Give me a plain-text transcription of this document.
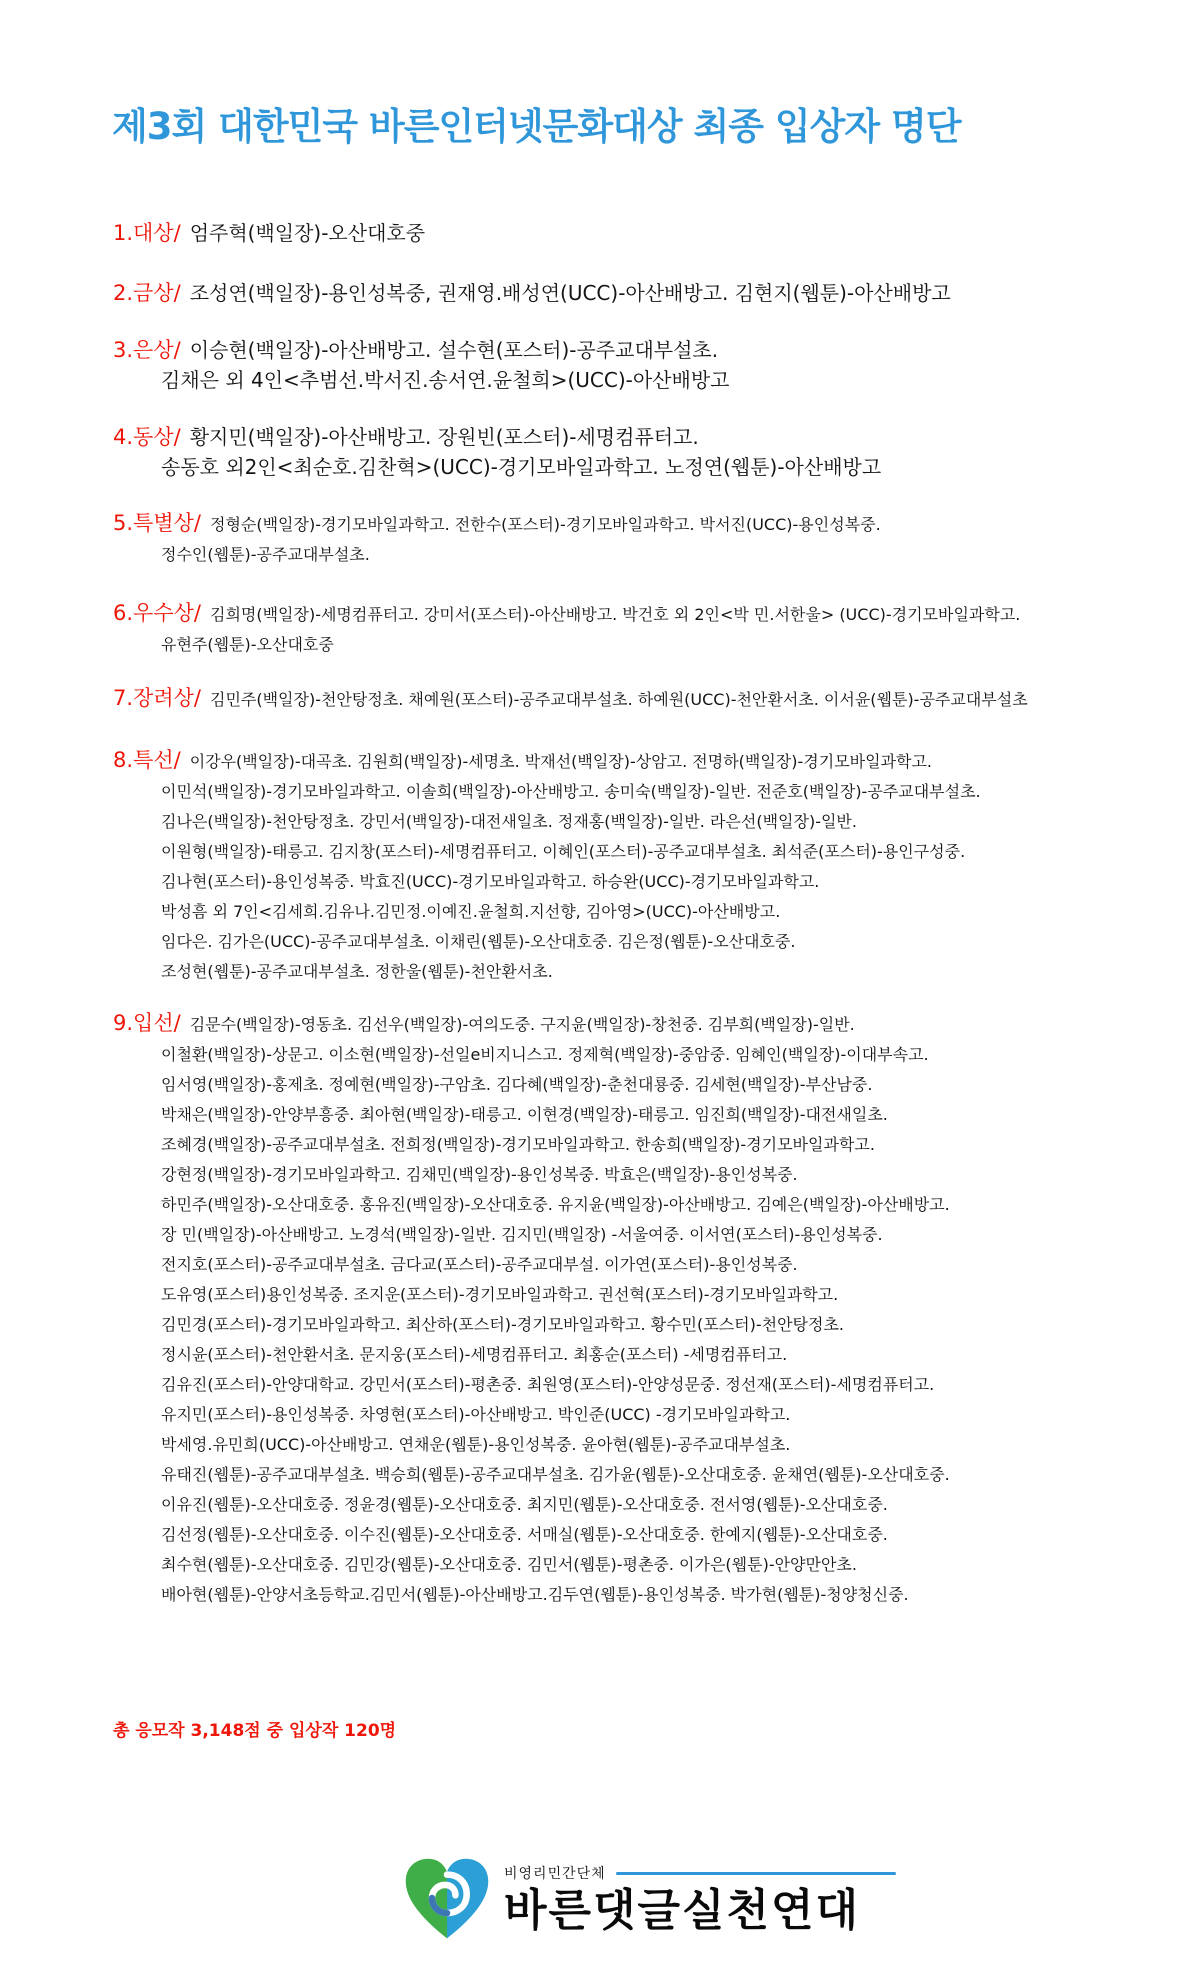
제3회 대한민국 바른인터넷문화대상 최종 입상자 명단
1.대상/ 엄주혁(백일장)-오산대호중
2.금상/ 조성연(백일장)-용인성복중, 권재영.배성연(UCC)-아산배방고. 김현지(웹툰)-아산배방고
3.은상/ 이승현(백일장)-아산배방고. 설수현(포스터)-공주교대부설초.
김채은 외 4인<추범선.박서진.송서연.윤철희>(UCC)-아산배방고
4.동상/ 황지민(백일장)-아산배방고. 장원빈(포스터)-세명컴퓨터고.
송동호 외2인<최순호.김찬혁>(UCC)-경기모바일과학고. 노정연(웹툰)-아산배방고
5.특별상/ 정형순(백일장)-경기모바일과학고. 전한수(포스터)-경기모바일과학고. 박서진(UCC)-용인성복중.
정수인(웹툰)-공주교대부설초.
6.우수상/ 김희명(백일장)-세명컴퓨터고. 강미서(포스터)-아산배방고. 박건호 외 2인<박 민.서한울> (UCC)-경기모바일과학고.
유현주(웹툰)-오산대호중
7.장려상/ 김민주(백일장)-천안탕정초. 채예원(포스터)-공주교대부설초. 하예원(UCC)-천안환서초. 이서윤(웹툰)-공주교대부설초
8.특선/ 이강우(백일장)-대곡초. 김원희(백일장)-세명초. 박재선(백일장)-상암고. 전명하(백일장)-경기모바일과학고.
이민석(백일장)-경기모바일과학고. 이솔희(백일장)-아산배방고. 송미숙(백일장)-일반. 전준호(백일장)-공주교대부설초.
김나은(백일장)-천안탕정초. 강민서(백일장)-대전새일초. 정재홍(백일장)-일반. 라은선(백일장)-일반.
이원형(백일장)-태릉고. 김지창(포스터)-세명컴퓨터고. 이혜인(포스터)-공주교대부설초. 최석준(포스터)-용인구성중.
김나현(포스터)-용인성복중. 박효진(UCC)-경기모바일과학고. 하승완(UCC)-경기모바일과학고.
박성흠 외 7인<김세희.김유나.김민정.이예진.윤철희.지선향, 김아영>(UCC)-아산배방고.
임다은. 김가은(UCC)-공주교대부설초. 이채린(웹툰)-오산대호중. 김은정(웹툰)-오산대호중.
조성현(웹툰)-공주교대부설초. 정한울(웹툰)-천안환서초.
9.입선/ 김문수(백일장)-영동초. 김선우(백일장)-여의도중. 구지윤(백일장)-창천중. 김부희(백일장)-일반.
이철환(백일장)-상문고. 이소현(백일장)-선일e비지니스고. 정제혁(백일장)-중암중. 임혜인(백일장)-이대부속고.
임서영(백일장)-홍제초. 정예현(백일장)-구암초. 김다혜(백일장)-춘천대룡중. 김세현(백일장)-부산남중.
박채은(백일장)-안양부흥중. 최아현(백일장)-태릉고. 이현경(백일장)-태릉고. 임진희(백일장)-대전새일초.
조혜경(백일장)-공주교대부설초. 전희정(백일장)-경기모바일과학고. 한송희(백일장)-경기모바일과학고.
강현정(백일장)-경기모바일과학고. 김채민(백일장)-용인성복중. 박효은(백일장)-용인성복중.
하민주(백일장)-오산대호중. 홍유진(백일장)-오산대호중. 유지윤(백일장)-아산배방고. 김예은(백일장)-아산배방고.
장 민(백일장)-아산배방고. 노경석(백일장)-일반. 김지민(백일장) -서울여중. 이서연(포스터)-용인성복중.
전지호(포스터)-공주교대부설초. 금다교(포스터)-공주교대부설. 이가연(포스터)-용인성복중.
도유영(포스터)용인성복중. 조지운(포스터)-경기모바일과학고. 권선혁(포스터)-경기모바일과학고.
김민경(포스터)-경기모바일과학고. 최산하(포스터)-경기모바일과학고. 황수민(포스터)-천안탕정초.
정시윤(포스터)-천안환서초. 문지웅(포스터)-세명컴퓨터고. 최홍순(포스터) -세명컴퓨터고.
김유진(포스터)-안양대학교. 강민서(포스터)-평촌중. 최원영(포스터)-안양성문중. 정선재(포스터)-세명컴퓨터고.
유지민(포스터)-용인성복중. 차영현(포스터)-아산배방고. 박인준(UCC) -경기모바일과학고.
박세영.유민희(UCC)-아산배방고. 연채운(웹툰)-용인성복중. 윤아현(웹툰)-공주교대부설초.
유태진(웹툰)-공주교대부설초. 백승희(웹툰)-공주교대부설초. 김가윤(웹툰)-오산대호중. 윤채연(웹툰)-오산대호중.
이유진(웹툰)-오산대호중. 정윤경(웹툰)-오산대호중. 최지민(웹툰)-오산대호중. 전서영(웹툰)-오산대호중.
김선정(웹툰)-오산대호중. 이수진(웹툰)-오산대호중. 서매실(웹툰)-오산대호중. 한예지(웹툰)-오산대호중.
최수현(웹툰)-오산대호중. 김민강(웹툰)-오산대호중. 김민서(웹툰)-평촌중. 이가은(웹툰)-안양만안초.
배아현(웹툰)-안양서초등학교.김민서(웹툰)-아산배방고.김두연(웹툰)-용인성복중. 박가현(웹툰)-청양청신중.
총 응모작 3,148점 중 입상작 120명
비영리민간단체
바른댓글실천연대
